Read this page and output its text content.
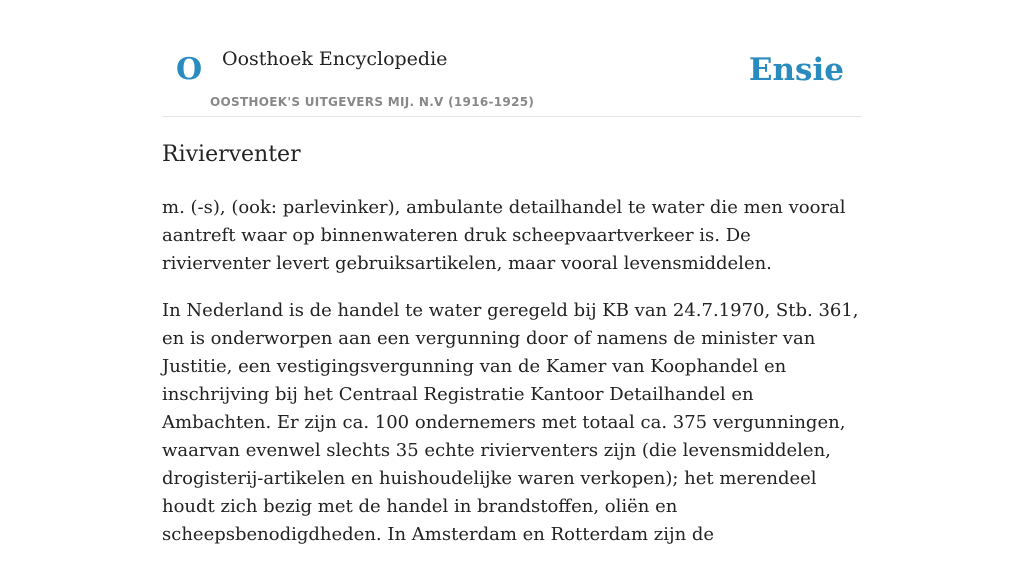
O Oosthoek Encyclopedie
OOSTHOEK'S UITGEVERS MIJ. N.V (1916-1925)
Ensie
Rivierventer

m. (-s), (ook: parlevinker), ambulante detailhandel te water die men vooral aantreft waar op binnenwateren druk scheepvaartverkeer is. De rivierventer levert gebruiksartikelen, maar vooral levensmiddelen.

In Nederland is de handel te water geregeld bij KB van 24.7.1970, Stb. 361, en is onderworpen aan een vergunning door of namens de minister van Justitie, een vestigingsvergunning van de Kamer van Koophandel en inschrijving bij het Centraal Registratie Kantoor Detailhandel en Ambachten. Er zijn ca. 100 ondernemers met totaal ca. 375 vergunningen, waarvan evenwel slechts 35 echte rivierventers zijn (die levensmiddelen, drogisterij-artikelen en huishoudelijke waren verkopen); het merendeel houdt zich bezig met de handel in brandstoffen, oliën en scheepsbenodigdheden. In Amsterdam en Rotterdam zijn de
